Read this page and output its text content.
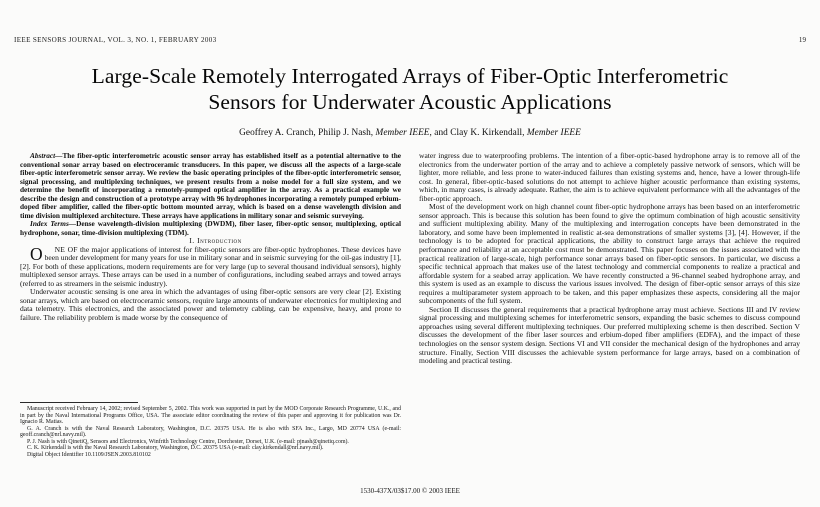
IEEE SENSORS JOURNAL, VOL. 3, NO. 1, FEBRUARY 2003	19
Large-Scale Remotely Interrogated Arrays of Fiber-Optic Interferometric Sensors for Underwater Acoustic Applications
Geoffrey A. Cranch, Philip J. Nash, Member IEEE, and Clay K. Kirkendall, Member IEEE

Abstract—The fiber-optic interferometric acoustic sensor array has established itself as a potential alternative to the conventional sonar array based on electroceramic transducers. In this paper, we discuss all the aspects of a large-scale fiber-optic interferometric sensor array. We review the basic operating principles of the fiber-optic interferometric sensor, signal processing, and multiplexing techniques, we present results from a noise model for a full size system, and we determine the benefit of incorporating a remotely-pumped optical amplifier in the array. As a practical example we describe the design and construction of a prototype array with 96 hydrophones incorporating a remotely pumped erbium-doped fiber amplifier, called the fiber-optic bottom mounted array, which is based on a dense wavelength division and time division multiplexed architecture. These arrays have applications in military sonar and seismic surveying.

Index Terms—Dense wavelength-division multiplexing (DWDM), fiber laser, fiber-optic sensor, multiplexing, optical hydrophone, sonar, time-division multiplexing (TDM).

I. Introduction

O NE OF the major applications of interest for fiber-optic sensors are fiber-optic hydrophones. These devices have been under development for many years for use in military sonar and in seismic surveying for the oil-gas industry [1], [2]. For both of these applications, modern requirements are for very large (up to several thousand individual sensors), highly multiplexed sensor arrays. These arrays can be used in a number of configurations, including seabed arrays and towed arrays (referred to as streamers in the seismic industry).

Underwater acoustic sensing is one area in which the advantages of using fiber-optic sensors are very clear [2]. Existing sonar arrays, which are based on electroceramic sensors, require large amounts of underwater electronics for multiplexing and data telemetry. This electronics, and the associated power and telemetry cabling, can be expensive, heavy, and prone to failure. The reliability problem is made worse by the consequence of

water ingress due to waterproofing problems. The intention of a fiber-optic-based hydrophone array is to remove all of the electronics from the underwater portion of the array and to achieve a completely passive network of sensors, which will be lighter, more reliable, and less prone to water-induced failures than existing systems and, hence, have a lower through-life cost. In general, fiber-optic-based solutions do not attempt to achieve higher acoustic performance than existing systems, which, in many cases, is already adequate. Rather, the aim is to achieve equivalent performance with all the advantages of the fiber-optic approach.

Most of the development work on high channel count fiber-optic hydrophone arrays has been based on an interferometric sensor approach. This is because this solution has been found to give the optimum combination of high acoustic sensitivity and sufficient multiplexing ability. Many of the multiplexing and interrogation concepts have been demonstrated in the laboratory, and some have been implemented in realistic at-sea demonstrations of smaller systems [3], [4]. However, if the technology is to be adopted for practical applications, the ability to construct large arrays that achieve the required performance and reliability at an acceptable cost must be demonstrated. This paper focuses on the issues associated with the practical realization of large-scale, high performance sonar arrays based on fiber-optic sensors. In particular, we discuss a specific technical approach that makes use of the latest technology and commercial components to realize a practical and affordable system for a seabed array application. We have recently constructed a 96-channel seabed hydrophone array, and this system is used as an example to discuss the various issues involved. The design of fiber-optic sensor arrays of this size requires a multiparameter system approach to be taken, and this paper emphasizes these aspects, considering all the major subcomponents of the full system.

Section II discusses the general requirements that a practical hydrophone array must achieve. Sections III and IV review signal processing and multiplexing schemes for interferometric sensors, expanding the basic schemes to discuss compound approaches using several different multiplexing techniques. Our preferred multiplexing scheme is then described. Section V discusses the development of the fiber laser sources and erbium-doped fiber amplifiers (EDFA), and the impact of these technologies on the sensor system design. Sections VI and VII consider the mechanical design of the hydrophones and array structure. Finally, Section VIII discusses the achievable system performance for large arrays, based on a combination of modeling and practical testing.

Manuscript received February 14, 2002; revised September 5, 2002. This work was supported in part by the MOD Corporate Research Programme, U.K., and in part by the Naval International Programs Office, USA. The associate editor coordinating the review of this paper and approving it for publication was Dr. Ignacio R. Matias.

G. A. Cranch is with the Naval Research Laboratory, Washington, D.C. 20375 USA. He is also with SFA Inc., Largo, MD 20774 USA (e-mail: geoff.cranch@nrl.navy.mil).

P. J. Nash is with QinetiQ, Sensors and Electronics, Winfrith Technology Centre, Dorchester, Dorset, U.K. (e-mail: pjnash@qinetiq.com).

C. K. Kirkendall is with the Naval Research Laboratory, Washington, D.C. 20375 USA (e-mail: clay.kirkendall@nrl.navy.mil).

Digital Object Identifier 10.1109/JSEN.2003.810102

1530-437X/03$17.00 © 2003 IEEE
